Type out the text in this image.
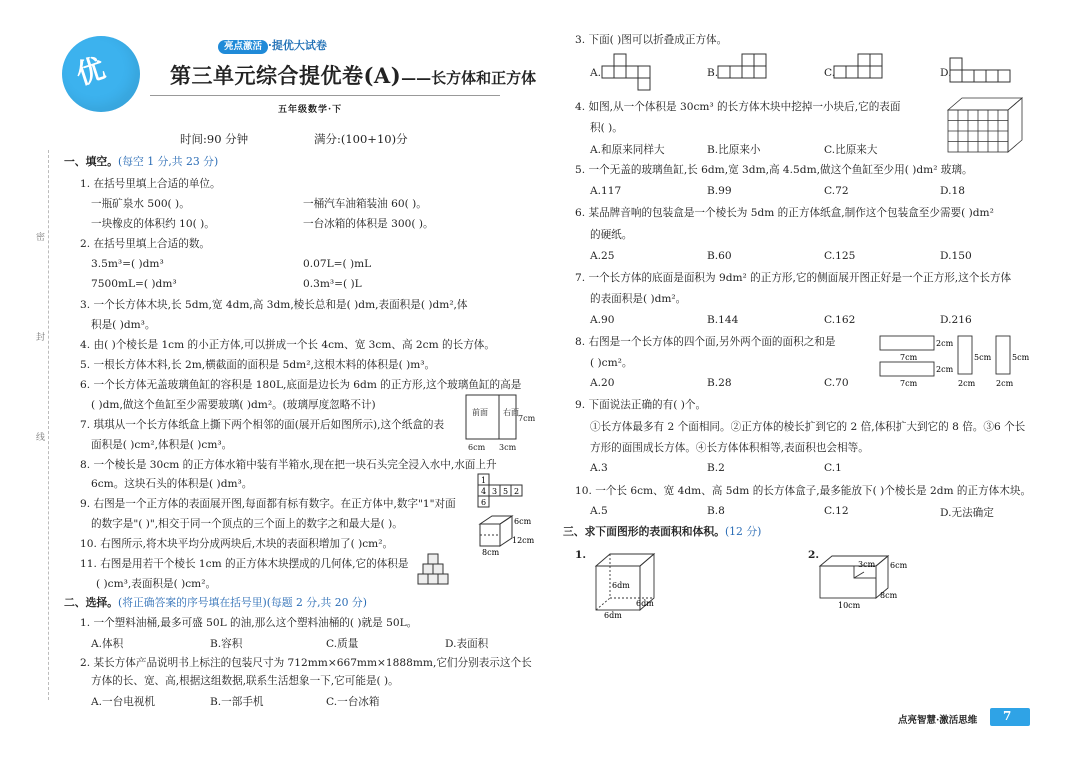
亮点激活 ·提优大试卷
优	第三单元综合提优卷(A)——长方体和正方体
五年级数学·下
时间:90 分钟	满分:(100+10)分
密
封
线
一、填空。(每空 1 分,共 23 分)
1. 在括号里填上合适的单位。
一瓶矿泉水 500( )。	一桶汽车油箱装油 60( )。
一块橡皮的体积约 10( )。	一台冰箱的体积是 300( )。
2. 在括号里填上合适的数。
3.5m³=( )dm³	0.07L=( )mL
7500mL=( )dm³	0.3m³=( )L
3. 一个长方体木块,长 5dm,宽 4dm,高 3dm,棱长总和是( )dm,表面积是( )dm²,体
积是( )dm³。
4. 由( )个棱长是 1cm 的小正方体,可以拼成一个长 4cm、宽 3cm、高 2cm 的长方体。
5. 一根长方体木料,长 2m,横截面的面积是 5dm²,这根木料的体积是( )m³。
6. 一个长方体无盖玻璃鱼缸的容积是 180L,底面是边长为 6dm 的正方形,这个玻璃鱼缸的高是
( )dm,做这个鱼缸至少需要玻璃( )dm²。(玻璃厚度忽略不计)
7. 琪琪从一个长方体纸盒上撕下两个相邻的面(展开后如图所示),这个纸盒的表
面积是( )cm²,体积是( )cm³。
8. 一个棱长是 30cm 的正方体水箱中装有半箱水,现在把一块石头完全浸入水中,水面上升
6cm。这块石头的体积是( )dm³。
9. 右图是一个正方体的表面展开图,每面都有标有数字。在正方体中,数字"1"对面
的数字是"( )",相交于同一个顶点的三个面上的数字之和最大是( )。
10. 右图所示,将木块平均分成两块后,木块的表面积增加了( )cm²。
11. 右图是用若干个棱长 1cm 的正方体木块摆成的几何体,它的体积是
( )cm³,表面积是( )cm²。
前面 右面
7cm
6cm 3cm
1
3 5 2
4
6
6cm
12cm
8cm
二、选择。(将正确答案的序号填在括号里)(每题 2 分,共 20 分)
1. 一个塑料油桶,最多可盛 50L 的油,那么这个塑料油桶的( )就是 50L。
A.体积	B.容积	C.质量	D.表面积
2. 某长方体产品说明书上标注的包装尺寸为 712mm×667mm×1888mm,它们分别表示这个长
方体的长、宽、高,根据这组数据,联系生活想象一下,它可能是( )。
A.一台电视机	B.一部手机	C.一台冰箱
3. 下面( )图可以折叠成正方体。
A.	B.	C.	D.
4. 如图,从一个体积是 30cm³ 的长方体木块中挖掉一小块后,它的表面
积( )。
A.和原来同样大	B.比原来小	C.比原来大
5. 一个无盖的玻璃鱼缸,长 6dm,宽 3dm,高 4.5dm,做这个鱼缸至少用( )dm² 玻璃。
A.117	B.99	C.72	D.18
6. 某品牌音响的包装盒是一个棱长为 5dm 的正方体纸盒,制作这个包装盒至少需要( )dm²
的硬纸。
A.25	B.60	C.125	D.150
7. 一个长方体的底面是面积为 9dm² 的正方形,它的侧面展开图正好是一个正方形,这个长方体
的表面积是( )dm²。
A.90	B.144	C.162	D.216
8. 右图是一个长方体的四个面,另外两个面的面积之和是
( )cm²。
A.20	B.28	C.70
7cm
7cm
2cm
2cm
5cm	5cm
2cm	2cm
9. 下面说法正确的有( )个。
①长方体最多有 2 个面相同。②正方体的棱长扩到它的 2 倍,体积扩大到它的 8 倍。③6 个长
方形的面围成长方体。④长方体体积相等,表面积也会相等。
A.3	B.2	C.1
10. 一个长 6cm、宽 4dm、高 5dm 的长方体盒子,最多能放下( )个棱长是 2dm 的正方体木块。
A.5	B.8	C.12	D.无法确定
三、求下面图形的表面积和体积。(12 分)
1.	2.
6dm
6dm
6dm
3cm 6cm
8cm
10cm
点亮智慧·激活思维 7
